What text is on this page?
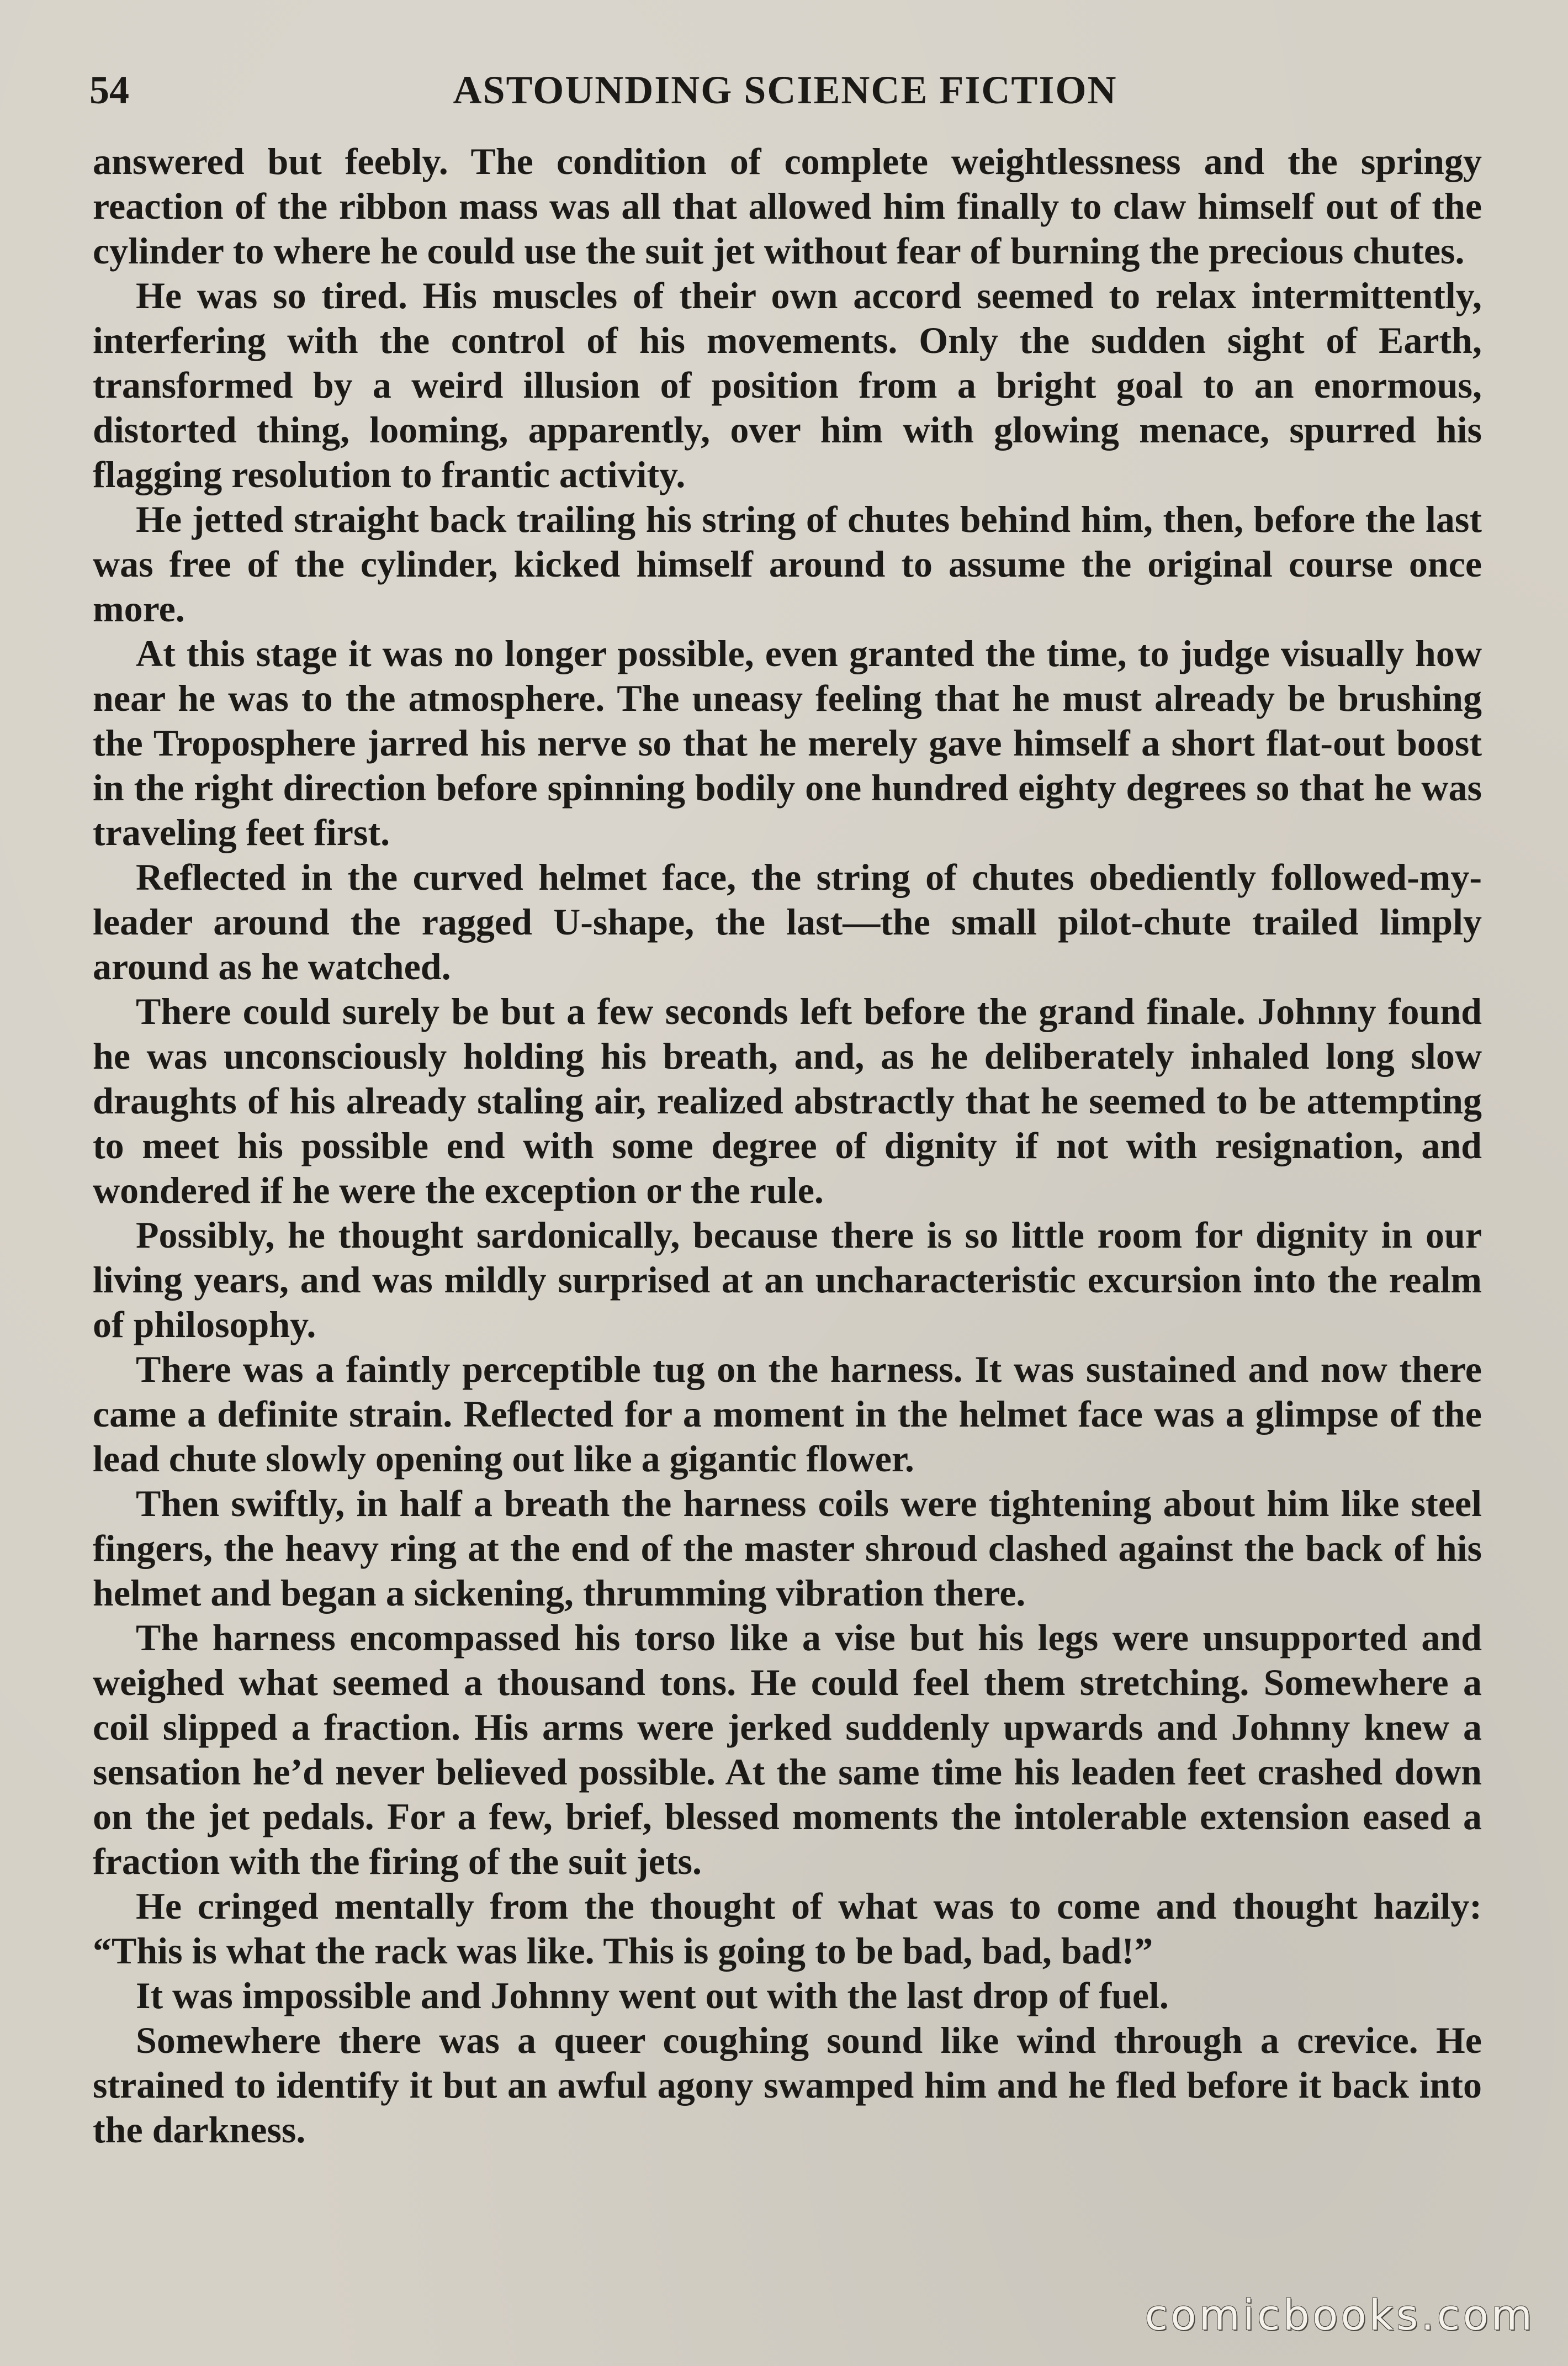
54	ASTOUNDING SCIENCE FICTION

answered but feebly. The condition of complete weightlessness and the springy reaction of the ribbon mass was all that allowed him finally to claw himself out of the cylinder to where he could use the suit jet without fear of burning the precious chutes.

He was so tired. His muscles of their own accord seemed to relax intermittently, interfering with the control of his movements. Only the sudden sight of Earth, transformed by a weird illusion of position from a bright goal to an enormous, distorted thing, looming, apparently, over him with glowing menace, spurred his flagging resolution to frantic activity.

He jetted straight back trailing his string of chutes behind him, then, before the last was free of the cylinder, kicked himself around to assume the original course once more.

At this stage it was no longer possible, even granted the time, to judge visually how near he was to the atmosphere. The uneasy feeling that he must already be brushing the Troposphere jarred his nerve so that he merely gave himself a short flat-out boost in the right direction before spinning bodily one hundred eighty degrees so that he was traveling feet first.

Reflected in the curved helmet face, the string of chutes obediently followed-my-leader around the ragged U-shape, the last—the small pilot-chute trailed limply around as he watched.

There could surely be but a few seconds left before the grand finale. Johnny found he was unconsciously holding his breath, and, as he deliberately inhaled long slow draughts of his already staling air, realized abstractly that he seemed to be attempting to meet his possible end with some degree of dignity if not with resignation, and wondered if he were the exception or the rule.

Possibly, he thought sardonically, because there is so little room for dignity in our living years, and was mildly surprised at an uncharacteristic excursion into the realm of philosophy.

There was a faintly perceptible tug on the harness. It was sustained and now there came a definite strain. Reflected for a moment in the helmet face was a glimpse of the lead chute slowly opening out like a gigantic flower.

Then swiftly, in half a breath the harness coils were tightening about him like steel fingers, the heavy ring at the end of the master shroud clashed against the back of his helmet and began a sickening, thrumming vibration there.

The harness encompassed his torso like a vise but his legs were unsupported and weighed what seemed a thousand tons. He could feel them stretching. Somewhere a coil slipped a fraction. His arms were jerked suddenly upwards and Johnny knew a sensation he’d never believed possible. At the same time his leaden feet crashed down on the jet pedals. For a few, brief, blessed moments the intolerable extension eased a fraction with the firing of the suit jets.

He cringed mentally from the thought of what was to come and thought hazily: “This is what the rack was like. This is going to be bad, bad, bad!”

It was impossible and Johnny went out with the last drop of fuel.

Somewhere there was a queer coughing sound like wind through a crevice. He strained to identify it but an awful agony swamped him and he fled before it back into the darkness.

comicbooks.com
